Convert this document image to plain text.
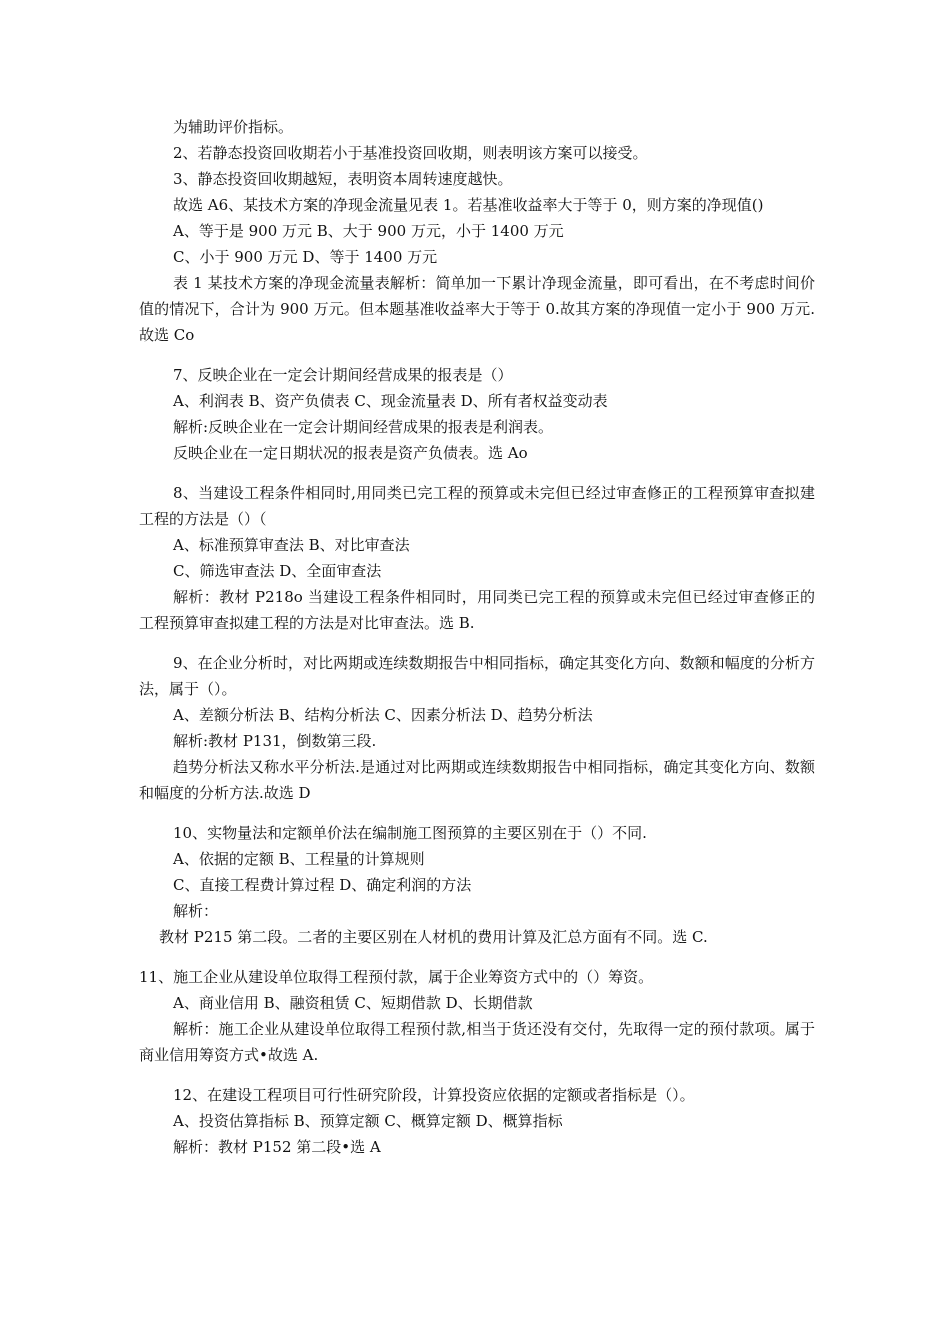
为辅助评价指标。

2、若静态投资回收期若小于基准投资回收期，则表明该方案可以接受。

3、静态投资回收期越短，表明资本周转速度越快。

故选 A6、某技术方案的净现金流量见表 1。若基准收益率大于等于 0，则方案的净现值()

A、等于是 900 万元 B、大于 900 万元，小于 1400 万元

C、小于 900 万元 D、等于 1400 万元

表 1 某技术方案的净现金流量表解析：简单加一下累计净现金流量，即可看出，在不考虑时间价值的情况下，合计为 900 万元。但本题基准收益率大于等于 0.故其方案的净现值一定小于 900 万元.故选 Co

7、反映企业在一定会计期间经营成果的报表是（）

A、利润表 B、资产负债表 C、现金流量表 D、所有者权益变动表

解析:反映企业在一定会计期间经营成果的报表是利润表。

反映企业在一定日期状况的报表是资产负债表。选 Ao

8、当建设工程条件相同时,用同类已完工程的预算或未完但已经过审查修正的工程预算审查拟建工程的方法是（）（

A、标准预算审查法 B、对比审查法

C、筛选审查法 D、全面审查法

解析：教材 P218o 当建设工程条件相同时，用同类已完工程的预算或未完但已经过审查修正的工程预算审查拟建工程的方法是对比审查法。选 B.

9、在企业分析时，对比两期或连续数期报告中相同指标，确定其变化方向、数额和幅度的分析方法，属于（）。

A、差额分析法 B、结构分析法 C、因素分析法 D、趋势分析法

解析:教材 P131，倒数第三段.

趋势分析法又称水平分析法.是通过对比两期或连续数期报告中相同指标，确定其变化方向、数额和幅度的分析方法.故选 D

10、实物量法和定额单价法在编制施工图预算的主要区别在于（）不同.

A、依据的定额 B、工程量的计算规则

C、直接工程费计算过程 D、确定利润的方法

解析：

教材 P215 第二段。二者的主要区别在人材机的费用计算及汇总方面有不同。选 C.

11、施工企业从建设单位取得工程预付款，属于企业筹资方式中的（）筹资。

A、商业信用 B、融资租赁 C、短期借款 D、长期借款

解析：施工企业从建设单位取得工程预付款,相当于货还没有交付，先取得一定的预付款项。属于商业信用筹资方式•故选 A.

12、在建设工程项目可行性研究阶段，计算投资应依据的定额或者指标是（）。

A、投资估算指标 B、预算定额 C、概算定额 D、概算指标

解析：教材 P152 第二段•选 A
